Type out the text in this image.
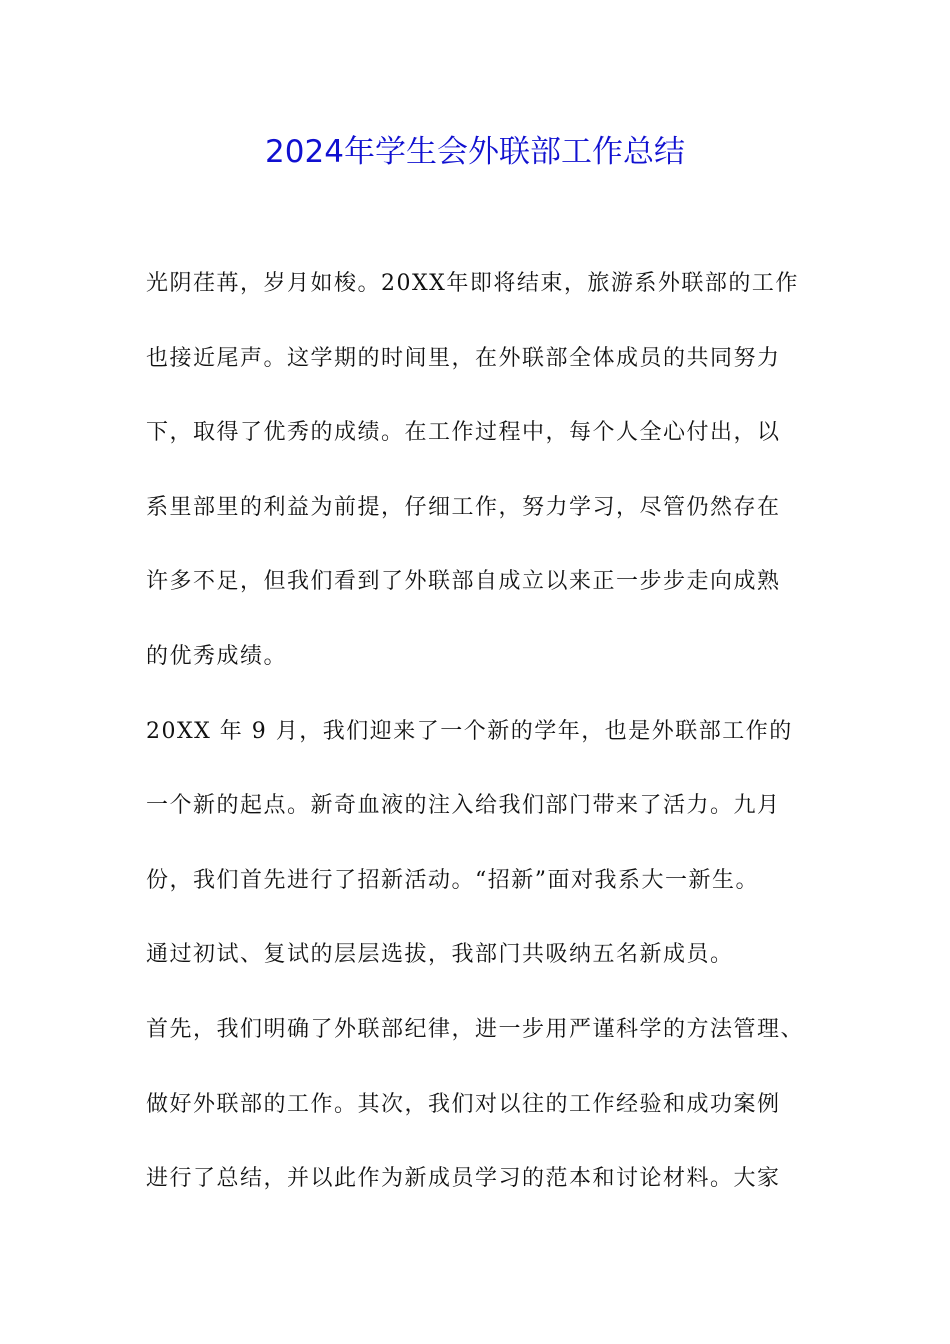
2024年学生会外联部工作总结
光阴荏苒，岁月如梭。20XX年即将结束，旅游系外联部的工作
也接近尾声。这学期的时间里，在外联部全体成员的共同努力
下，取得了优秀的成绩。在工作过程中，每个人全心付出，以
系里部里的利益为前提，仔细工作，努力学习，尽管仍然存在
许多不足，但我们看到了外联部自成立以来正一步步走向成熟
的优秀成绩。
20XX 年 9 月，我们迎来了一个新的学年，也是外联部工作的
一个新的起点。新奇血液的注入给我们部门带来了活力。九月
份，我们首先进行了招新活动。“招新”面对我系大一新生。
通过初试、复试的层层选拔，我部门共吸纳五名新成员。
首先，我们明确了外联部纪律，进一步用严谨科学的方法管理、
做好外联部的工作。其次，我们对以往的工作经验和成功案例
进行了总结，并以此作为新成员学习的范本和讨论材料。大家
